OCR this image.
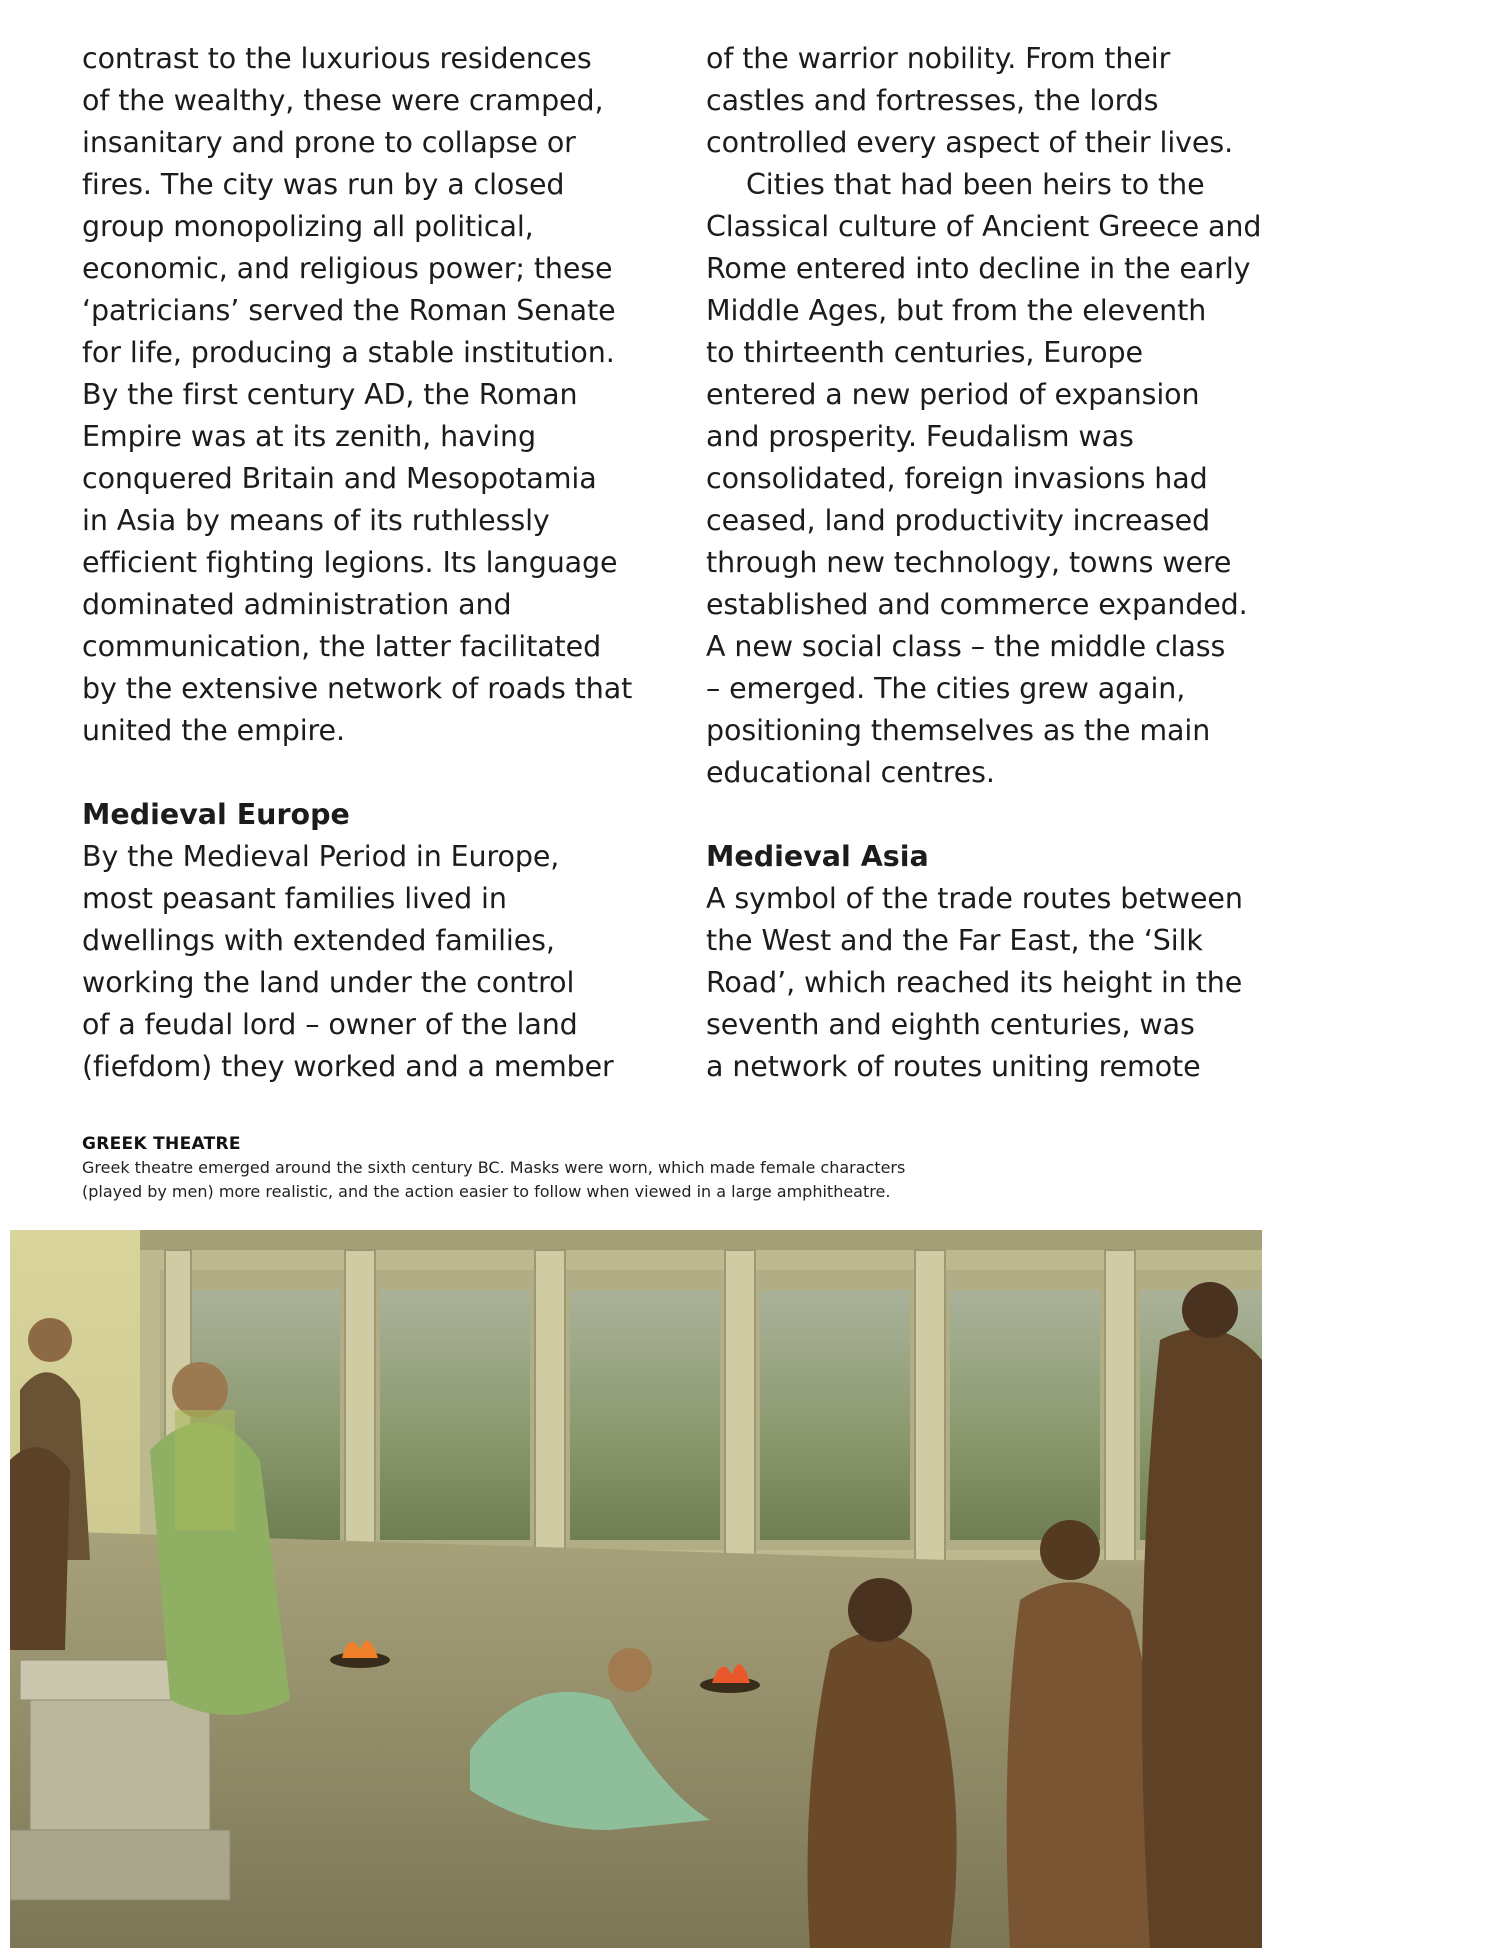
contrast to the luxurious residences
of the wealthy, these were cramped,
insanitary and prone to collapse or
fires. The city was run by a closed
group monopolizing all political,
economic, and religious power; these
‘patricians’ served the Roman Senate
for life, producing a stable institution.
By the first century AD, the Roman
Empire was at its zenith, having
conquered Britain and Mesopotamia
in Asia by means of its ruthlessly
efficient fighting legions. Its language
dominated administration and
communication, the latter facilitated
by the extensive network of roads that
united the empire.
Medieval Europe
By the Medieval Period in Europe,
most peasant families lived in
dwellings with extended families,
working the land under the control
of a feudal lord – owner of the land
(fiefdom) they worked and a member
of the warrior nobility. From their
castles and fortresses, the lords
controlled every aspect of their lives.
Cities that had been heirs to the
Classical culture of Ancient Greece and
Rome entered into decline in the early
Middle Ages, but from the eleventh
to thirteenth centuries, Europe
entered a new period of expansion
and prosperity. Feudalism was
consolidated, foreign invasions had
ceased, land productivity increased
through new technology, towns were
established and commerce expanded.
A new social class – the middle class
– emerged. The cities grew again,
positioning themselves as the main
educational centres.
Medieval Asia
A symbol of the trade routes between
the West and the Far East, the ‘Silk
Road’, which reached its height in the
seventh and eighth centuries, was
a network of routes uniting remote
GREEK THEATRE
Greek theatre emerged around the sixth century BC. Masks were worn, which made female characters
(played by men) more realistic, and the action easier to follow when viewed in a large amphitheatre.
